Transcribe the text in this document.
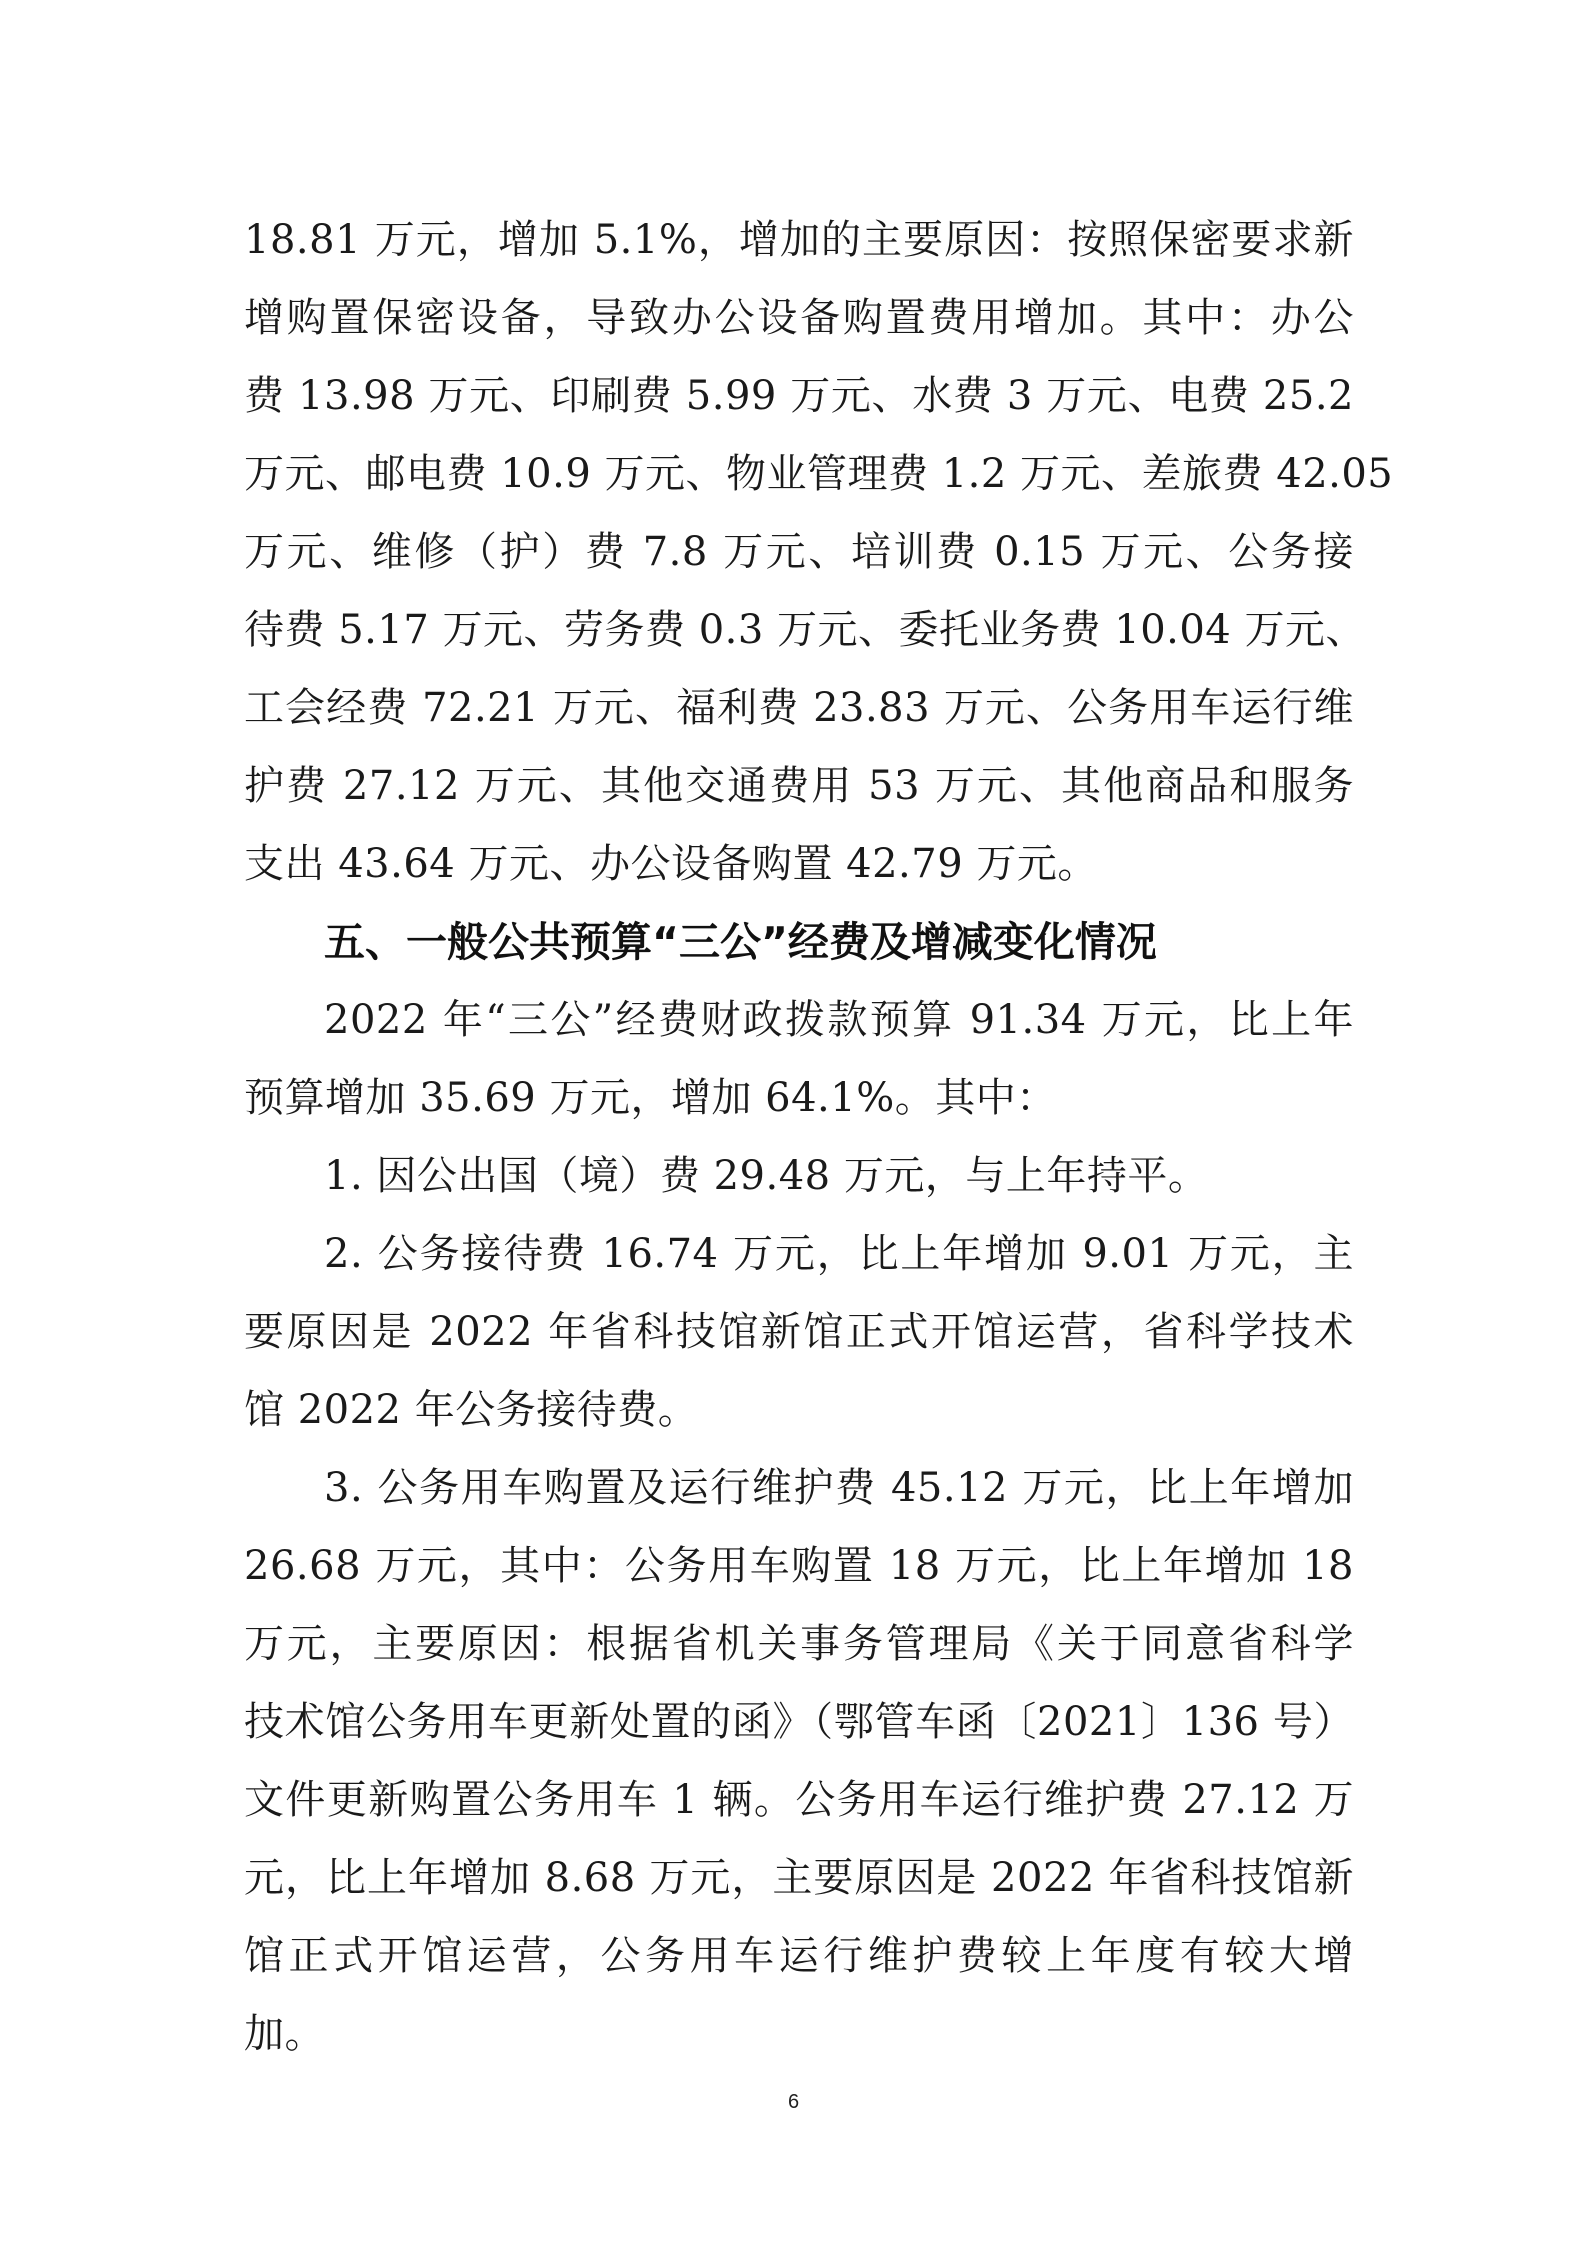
18.81 万元，增加 5.1%，增加的主要原因：按照保密要求新
增购置保密设备，导致办公设备购置费用增加。其中：办公
费 13.98 万元、印刷费 5.99 万元、水费 3 万元、电费 25.2
万元、邮电费 10.9 万元、物业管理费 1.2 万元、差旅费 42.05
万元、维修（护）费 7.8 万元、培训费 0.15 万元、公务接
待费 5.17 万元、劳务费 0.3 万元、委托业务费 10.04 万元、
工会经费 72.21 万元、福利费 23.83 万元、公务用车运行维
护费 27.12 万元、其他交通费用 53 万元、其他商品和服务
支出 43.64 万元、办公设备购置 42.79 万元。
五、一般公共预算“三公”经费及增减变化情况
2022 年“三公”经费财政拨款预算 91.34 万元，比上年
预算增加 35.69 万元，增加 64.1%。其中：
1. 因公出国（境）费 29.48 万元，与上年持平。
2. 公务接待费 16.74 万元，比上年增加 9.01 万元，主
要原因是 2022 年省科技馆新馆正式开馆运营，省科学技术
馆 2022 年公务接待费。
3. 公务用车购置及运行维护费 45.12 万元，比上年增加
26.68 万元，其中：公务用车购置 18 万元，比上年增加 18
万元，主要原因：根据省机关事务管理局《关于同意省科学
技术馆公务用车更新处置的函》（鄂管车函〔2021〕136 号）
文件更新购置公务用车 1 辆。公务用车运行维护费 27.12 万
元，比上年增加 8.68 万元，主要原因是 2022 年省科技馆新
馆正式开馆运营，公务用车运行维护费较上年度有较大增
加。
6
